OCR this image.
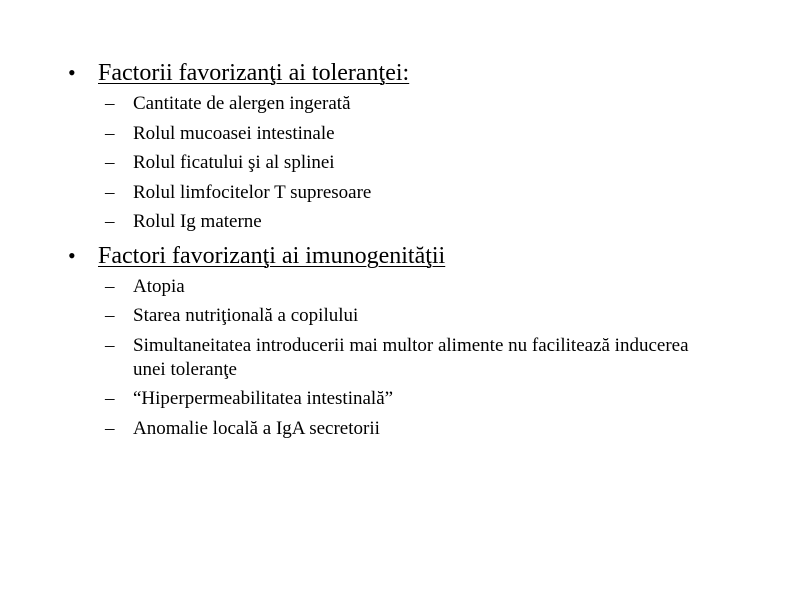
• Factorii favorizanţi ai toleranţei:
– Cantitate de alergen ingerată
– Rolul mucoasei intestinale
– Rolul ficatului şi al splinei
– Rolul limfocitelor T supresoare
– Rolul Ig materne
• Factori favorizanţi ai imunogenităţii
– Atopia
– Starea nutriţională a copilului
– Simultaneitatea introducerii mai multor alimente nu facilitează inducerea unei toleranţe
– “Hiperpermeabilitatea intestinală”
– Anomalie locală a IgA secretorii
